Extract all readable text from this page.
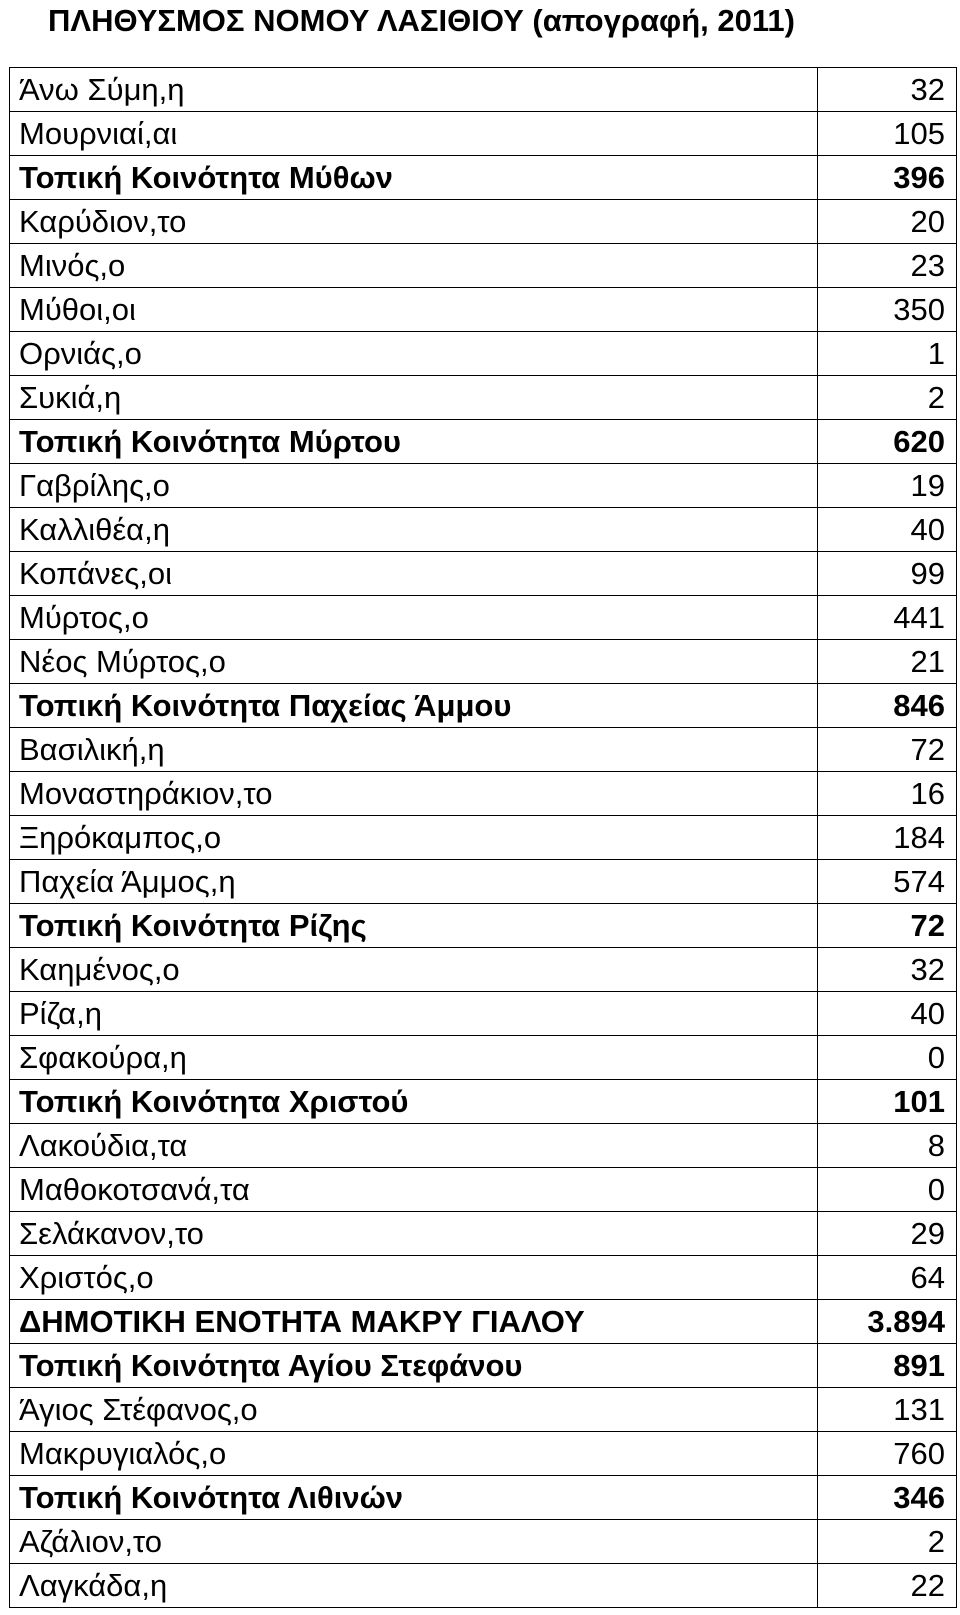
ΠΛΗΘΥΣΜΟΣ ΝΟΜΟΥ ΛΑΣΙΘΙΟΥ (απογραφή, 2011)
Άνω Σύμη,η	32
Μουρνιαί,αι	105
Τοπική Κοινότητα Μύθων	396
Καρύδιον,το	20
Μινός,ο	23
Μύθοι,οι	350
Ορνιάς,ο	1
Συκιά,η	2
Τοπική Κοινότητα Μύρτου	620
Γαβρίλης,ο	19
Καλλιθέα,η	40
Κοπάνες,οι	99
Μύρτος,ο	441
Νέος Μύρτος,ο	21
Τοπική Κοινότητα Παχείας Άμμου	846
Βασιλική,η	72
Μοναστηράκιον,το	16
Ξηρόκαμπος,ο	184
Παχεία Άμμος,η	574
Τοπική Κοινότητα Ρίζης	72
Καημένος,ο	32
Ρίζα,η	40
Σφακούρα,η	0
Τοπική Κοινότητα Χριστού	101
Λακούδια,τα	8
Μαθοκοτσανά,τα	0
Σελάκανον,το	29
Χριστός,ο	64
ΔΗΜΟΤΙΚΗ ΕΝΟΤΗΤΑ ΜΑΚΡΥ ΓΙΑΛΟΥ	3.894
Τοπική Κοινότητα Αγίου Στεφάνου	891
Άγιος Στέφανος,ο	131
Μακρυγιαλός,ο	760
Τοπική Κοινότητα Λιθινών	346
Αζάλιον,το	2
Λαγκάδα,η	22
